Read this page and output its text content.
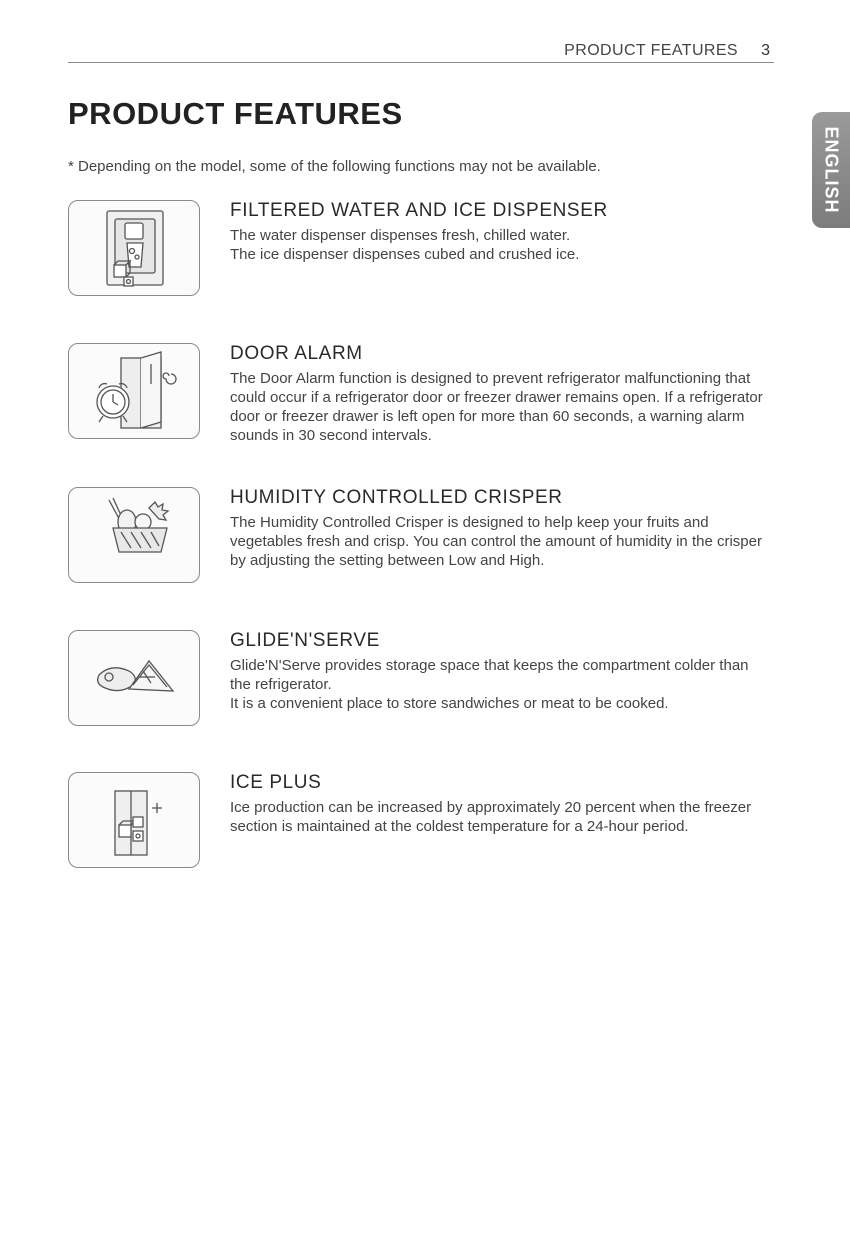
PRODUCT FEATURES 3
ENGLISH
PRODUCT FEATURES

* Depending on the model, some of the following functions may not be available.

FILTERED WATER AND ICE DISPENSER

The water dispenser dispenses fresh, chilled water.

The ice dispenser dispenses cubed and crushed ice.

DOOR ALARM

The Door Alarm function is designed to prevent refrigerator malfunctioning that could occur if a refrigerator door or freezer drawer remains open. If a refrigerator door or freezer drawer is left open for more than 60 seconds, a warning alarm sounds in 30 second intervals.

HUMIDITY CONTROLLED CRISPER

The Humidity Controlled Crisper is designed to help keep your fruits and vegetables fresh and crisp. You can control the amount of humidity in the crisper by adjusting the setting between Low and High.

GLIDE'N'SERVE

Glide'N'Serve provides storage space that keeps the compartment colder than the refrigerator.

It is a convenient place to store sandwiches or meat to be cooked.

ICE PLUS

Ice production can be increased by approximately 20 percent when the freezer section is maintained at the coldest temperature for a 24-hour period.
